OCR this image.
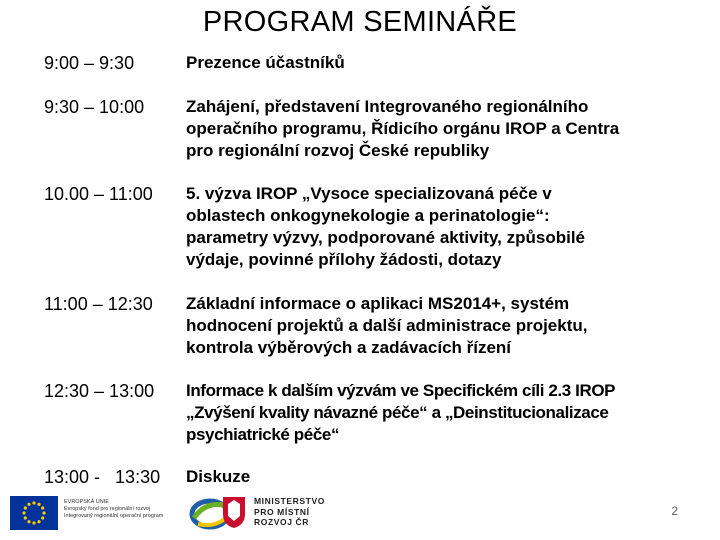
PROGRAM SEMINÁŘE
9:00 – 9:30	Prezence účastníků
9:30 – 10:00 Zahájení, představení Integrovaného regionálního
operačního programu, Řídicího orgánu IROP a Centra
pro regionální rozvoj České republiky
10.00 – 11:00 5. výzva IROP „Vysoce specializovaná péče v
oblastech onkogynekologie a perinatologie“:
parametry výzvy, podporované aktivity, způsobilé
výdaje, povinné přílohy žádosti, dotazy
11:00 – 12:30 Základní informace o aplikaci MS2014+, systém
hodnocení projektů a další administrace projektu,
kontrola výběrových a zadávacích řízení
12:30 – 13:00 Informace k dalším výzvám ve Specifickém cíli 2.3 IROP
„Zvýšení kvality návazné péče“ a „Deinstitucionalizace
psychiatrické péče“
13:00 -   13:30 Diskuze
EVROPSKÁ UNIE
Evropský fond pro regionální rozvoj
Integrovaný regionální operační program
MINISTERSTVO
PRO MÍSTNÍ
ROZVOJ ČR
2
